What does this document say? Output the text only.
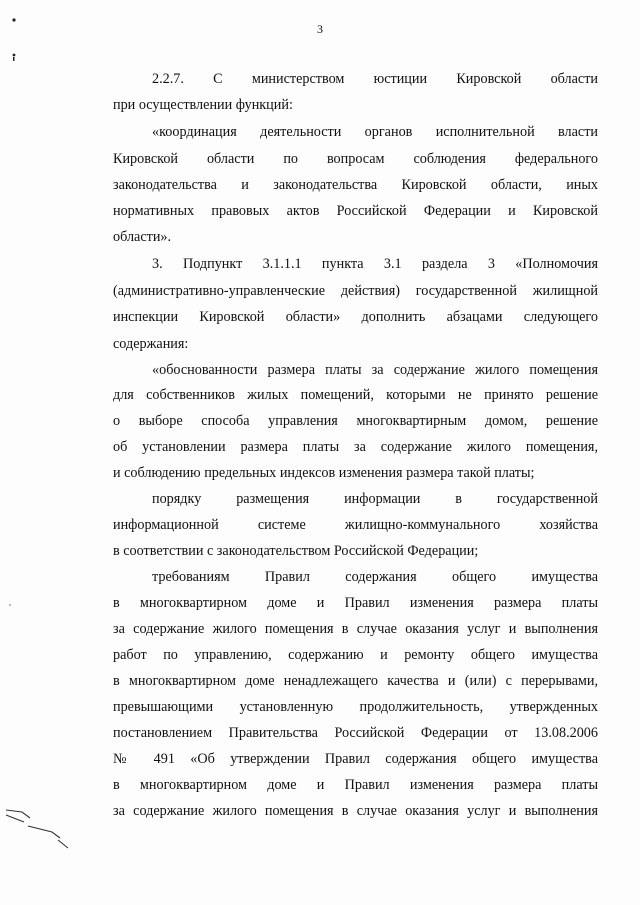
3

2.2.7. С министерством юстиции Кировской области

при осуществлении функций:

«координация деятельности органов исполнительной власти

Кировской области по вопросам соблюдения федерального

законодательства и законодательства Кировской области, иных

нормативных правовых актов Российской Федерации и Кировской

области».

3. Подпункт 3.1.1.1 пункта 3.1 раздела 3 «Полномочия

(административно-управленческие действия) государственной жилищной

инспекции Кировской области» дополнить абзацами следующего

содержания:

«обоснованности размера платы за содержание жилого помещения

для собственников жилых помещений, которыми не принято решение

о выборе способа управления многоквартирным домом, решение

об установлении размера платы за содержание жилого помещения,

и соблюдению предельных индексов изменения размера такой платы;

порядку размещения информации в государственной

информационной системе жилищно-коммунального хозяйства

в соответствии с законодательством Российской Федерации;

требованиям Правил содержания общего имущества

в многоквартирном доме и Правил изменения размера платы

за содержание жилого помещения в случае оказания услуг и выполнения

работ по управлению, содержанию и ремонту общего имущества

в многоквартирном доме ненадлежащего качества и (или) с перерывами,

превышающими установленную продолжительность, утвержденных

постановлением Правительства Российской Федерации от 13.08.2006

№ 491 «Об утверждении Правил содержания общего имущества

в многоквартирном доме и Правил изменения размера платы

за содержание жилого помещения в случае оказания услуг и выполнения
